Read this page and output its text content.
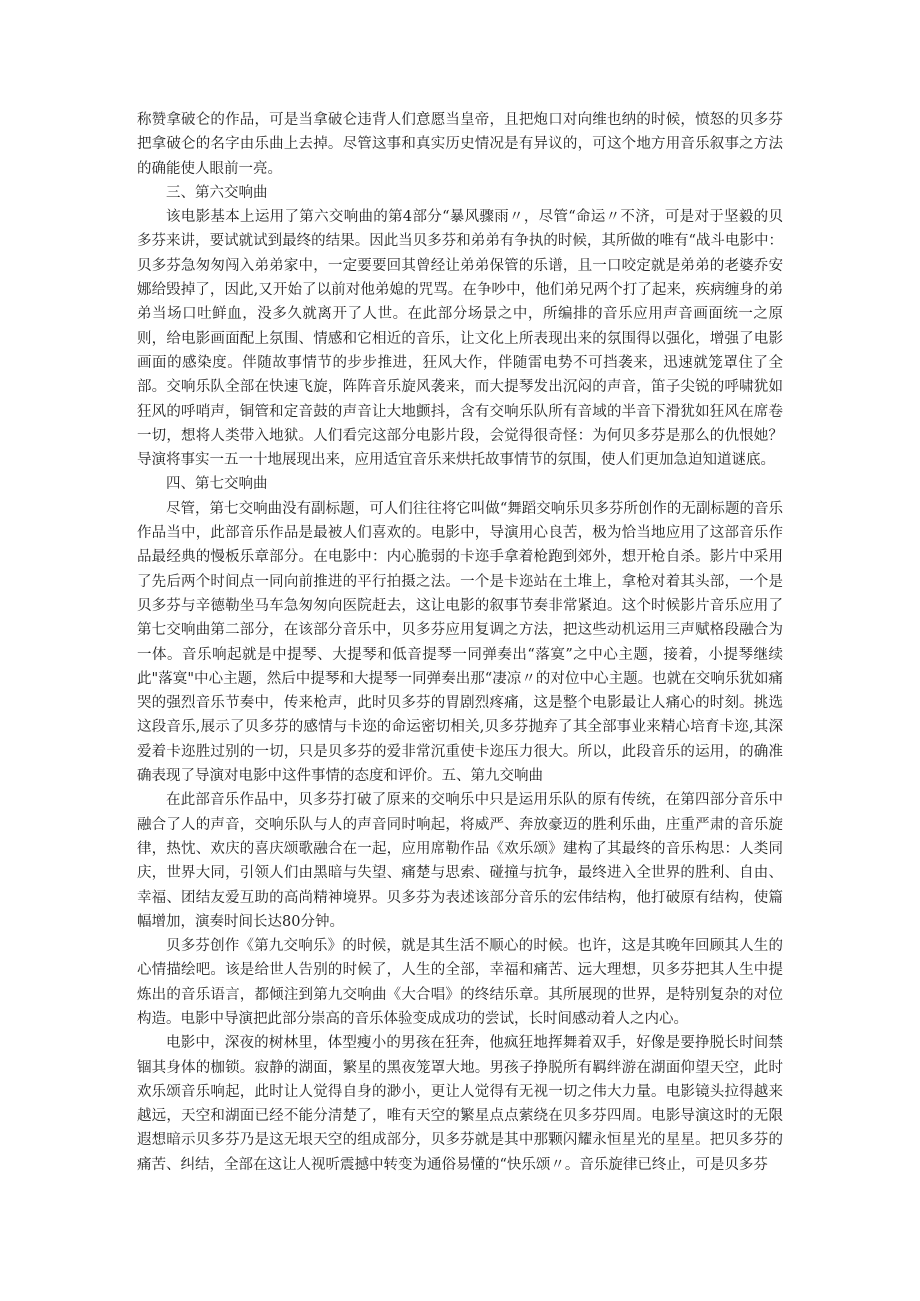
称赞拿破仑的作品，可是当拿破仑违背人们意愿当皇帝，且把炮口对向维也纳的时候，愤怒的贝多芬把拿破仑的名字由乐曲上去掉。尽管这事和真实历史情况是有异议的，可这个地方用音乐叙事之方法的确能使人眼前一亮。

三、第六交响曲

该电影基本上运用了第六交响曲的第4部分“暴风骤雨〃，尽管“命运〃不济，可是对于坚毅的贝多芬来讲，要试就试到最终的结果。因此当贝多芬和弟弟有争执的时候，其所做的唯有“战斗电影中：贝多芬急匆匆闯入弟弟家中，一定要要回其曾经让弟弟保管的乐谱，且一口咬定就是弟弟的老婆乔安娜给毁掉了，因此,又开始了以前对他弟媳的咒骂。在争吵中，他们弟兄两个打了起来，疾病缠身的弟弟当场口吐鲜血，没多久就离开了人世。在此部分场景之中，所编排的音乐应用声音画面统一之原则，给电影画面配上氛围、情感和它相近的音乐，让文化上所表现出来的氛围得以强化，增强了电影画面的感染度。伴随故事情节的步步推进，狂风大作，伴随雷电势不可挡袭来，迅速就笼罩住了全部。交响乐队全部在快速飞旋，阵阵音乐旋风袭来，而大提琴发出沉闷的声音，笛子尖锐的呼啸犹如狂风的呼哨声，铜管和定音鼓的声音让大地颤抖，含有交响乐队所有音域的半音下滑犹如狂风在席卷一切，想将人类带入地狱。人们看完这部分电影片段，会觉得很奇怪：为何贝多芬是那么的仇恨她？导演将事实一五一十地展现出来，应用适宜音乐来烘托故事情节的氛围，使人们更加急迫知道谜底。

四、第七交响曲

尽管，第七交响曲没有副标题，可人们往往将它叫做“舞蹈交响乐贝多芬所创作的无副标题的音乐作品当中，此部音乐作品是最被人们喜欢的。电影中，导演用心良苦，极为恰当地应用了这部音乐作品最经典的慢板乐章部分。在电影中：内心脆弱的卡迩手拿着枪跑到郊外，想开枪自杀。影片中采用了先后两个时间点一同向前推进的平行拍摄之法。一个是卡迩站在土堆上，拿枪对着其头部，一个是贝多芬与辛德勒坐马车急匆匆向医院赶去，这让电影的叙事节奏非常紧迫。这个时候影片音乐应用了第七交响曲第二部分，在该部分音乐中，贝多芬应用复调之方法，把这些动机运用三声赋格段融合为一体。音乐响起就是中提琴、大提琴和低音提琴一同弹奏出“落寞”之中心主题，接着，小提琴继续此"落寞"中心主题，然后中提琴和大提琴一同弹奏出那“凄凉〃的对位中心主题。也就在交响乐犹如痛哭的强烈音乐节奏中，传来枪声，此时贝多芬的胃剧烈疼痛，这是整个电影最让人痛心的时刻。挑选这段音乐,展示了贝多芬的感情与卡迩的命运密切相关,贝多芬抛弃了其全部事业来精心培育卡迩,其深爱着卡迩胜过别的一切，只是贝多芬的爱非常沉重使卡迩压力很大。所以，此段音乐的运用，的确准确表现了导演对电影中这件事情的态度和评价。五、第九交响曲

在此部音乐作品中，贝多芬打破了原来的交响乐中只是运用乐队的原有传统，在第四部分音乐中融合了人的声音，交响乐队与人的声音同时响起，将威严、奔放豪迈的胜利乐曲，庄重严肃的音乐旋律，热忱、欢庆的喜庆颂歌融合在一起，应用席勒作品《欢乐颂》建构了其最终的音乐构思：人类同庆，世界大同，引领人们由黑暗与失望、痛楚与思索、碰撞与抗争，最终进入全世界的胜利、自由、幸福、团结友爱互助的高尚精神境界。贝多芬为表述该部分音乐的宏伟结构，他打破原有结构，使篇幅增加，演奏时间长达80分钟。

贝多芬创作《第九交响乐》的时候，就是其生活不顺心的时候。也许，这是其晚年回顾其人生的心情描绘吧。该是给世人告别的时候了，人生的全部，幸福和痛苦、远大理想，贝多芬把其人生中提炼出的音乐语言，都倾注到第九交响曲《大合唱》的终结乐章。其所展现的世界，是特别复杂的对位构造。电影中导演把此部分崇高的音乐体验变成成功的尝试，长时间感动着人之内心。

电影中，深夜的树林里，体型瘦小的男孩在狂奔，他疯狂地挥舞着双手，好像是要挣脱长时间禁锢其身体的枷锁。寂静的湖面，繁星的黑夜笼罩大地。男孩子挣脱所有羁绊游在湖面仰望天空，此时欢乐颂音乐响起，此时让人觉得自身的渺小，更让人觉得有无视一切之伟大力量。电影镜头拉得越来越远，天空和湖面已经不能分清楚了，唯有天空的繁星点点萦绕在贝多芬四周。电影导演这时的无限遐想暗示贝多芬乃是这无垠天空的组成部分，贝多芬就是其中那颗闪耀永恒星光的星星。把贝多芬的痛苦、纠结，全部在这让人视听震撼中转变为通俗易懂的“快乐颂〃。音乐旋律已终止，可是贝多芬
